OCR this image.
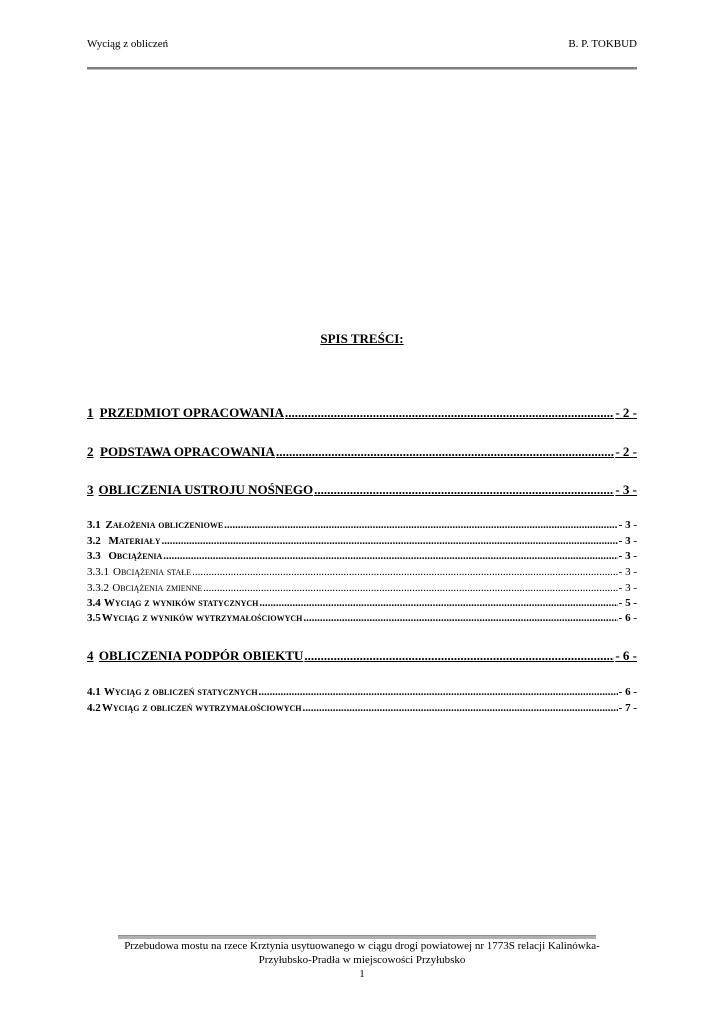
Wyciąg z obliczeń	B. P. TOKBUD
SPIS TREŚCI:
1 PRZEDMIOT OPRACOWANIA .....	- 2 -
2 PODSTAWA OPRACOWANIA .....	- 2 -
3 OBLICZENIA USTROJU NOŚNEGO .....	- 3 -
3.1 Założenia obliczeniowe .....	- 3 -
3.2 Materiały .....	- 3 -
3.3 Obciążenia .....	- 3 -
3.3.1 Obciążenia stałe .....	- 3 -
3.3.2 Obciążenia zmienne .....	- 3 -
3.4 Wyciąg z wyników statycznych .....	- 5 -
3.5 Wyciąg z wyników wytrzymałościowych .....	- 6 -
4 OBLICZENIA PODPÓR OBIEKTU .....	- 6 -
4.1 Wyciąg z obliczeń statycznych .....	- 6 -
4.2 Wyciąg z obliczeń wytrzymałościowych .....	- 7 -
Przebudowa mostu na rzece Krztynia usytuowanego w ciągu drogi powiatowej nr 1773S relacji Kalinówka-
Przyłubsko-Pradła w miejscowości Przyłubsko
1
